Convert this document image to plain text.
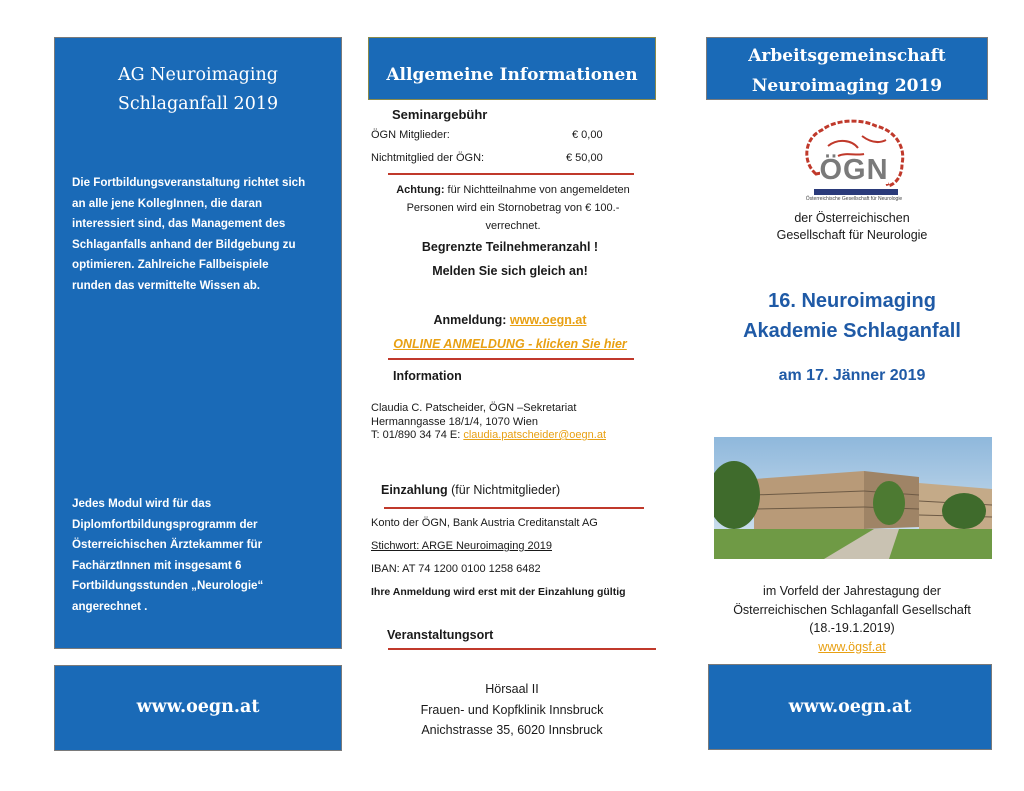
AG Neuroimaging
Schlaganfall 2019
Die Fortbildungsveranstaltung richtet sich
an alle jene KollegInnen, die daran
interessiert sind, das Management des
Schlaganfalls anhand der Bildgebung zu
optimieren. Zahlreiche Fallbeispiele
runden das vermittelte Wissen ab.
Jedes Modul wird für das
Diplomfortbildungsprogramm der
Österreichischen Ärztekammer für
FachärztInnen mit insgesamt 6
Fortbildungsstunden „Neurologie“
angerechnet .
www.oegn.at
Allgemeine Informationen
Seminargebühr
ÖGN Mitglieder:	€ 0,00
Nichtmitglied der ÖGN:	€ 50,00
Achtung: für Nichtteilnahme von angemeldeten
Personen wird ein Stornobetrag von € 100.-
verrechnet.
Begrenzte Teilnehmeranzahl !
Melden Sie sich gleich an!
Anmeldung: www.oegn.at
ONLINE ANMELDUNG - klicken Sie hier
Information
Claudia C. Patscheider, ÖGN –Sekretariat
Hermanngasse 18/1/4, 1070 Wien
T: 01/890 34 74 E: claudia.patscheider@oegn.at
Einzahlung (für Nichtmitglieder)
Konto der ÖGN, Bank Austria Creditanstalt AG
Stichwort: ARGE Neuroimaging 2019
IBAN: AT 74 1200 0100 1258 6482
Ihre Anmeldung wird erst mit der Einzahlung gültig
Veranstaltungsort
Hörsaal II
Frauen- und Kopfklinik Innsbruck
Anichstrasse 35, 6020 Innsbruck
Arbeitsgemeinschaft
Neuroimaging 2019
ÖGN
Österreichische Gesellschaft für Neurologie
der Österreichischen
Gesellschaft für Neurologie
16. Neuroimaging
Akademie Schlaganfall
am 17. Jänner 2019
im Vorfeld der Jahrestagung der
Österreichischen Schlaganfall Gesellschaft
(18.-19.1.2019)
www.ögsf.at
www.oegn.at
